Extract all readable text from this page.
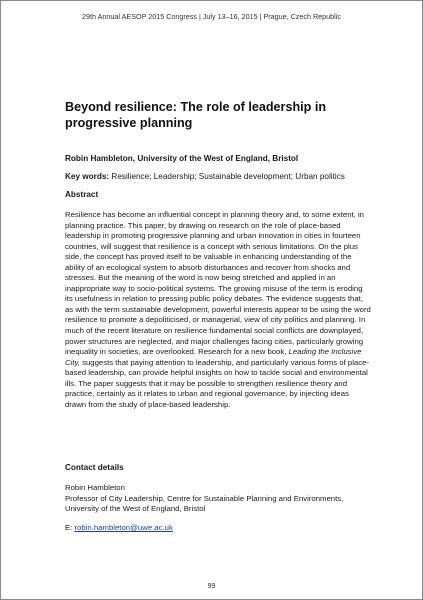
29th Annual AESOP 2015 Congress | July 13–16, 2015 | Prague, Czech Republic
Beyond resilience: The role of leadership in progressive planning
Robin Hambleton, University of the West of England, Bristol
Key words: Resilience; Leadership; Sustainable development; Urban politics
Abstract

Resilience has become an influential concept in planning theory and, to some extent, in planning practice. This paper, by drawing on research on the role of place-based leadership in promoting progressive planning and urban innovation in cities in fourteen countries, will suggest that resilience is a concept with serious limitations. On the plus side, the concept has proved itself to be valuable in enhancing understanding of the ability of an ecological system to absorb disturbances and recover from shocks and stresses. But the meaning of the word is now being stretched and applied in an inappropriate way to socio-political systems. The growing misuse of the term is eroding its usefulness in relation to pressing public policy debates. The evidence suggests that, as with the term sustainable development, powerful interests appear to be using the word resilience to promote a depoliticised, or managerial, view of city politics and planning. In much of the recent literature on resilience fundamental social conflicts are downplayed, power structures are neglected, and major challenges facing cities, particularly growing inequality in societies, are overlooked. Research for a new book, Leading the Inclusive City, suggests that paying attention to leadership, and particularly various forms of place-based leadership, can provide helpful insights on how to tackle social and environmental ills. The paper suggests that it may be possible to strengthen resilience theory and practice, certainly as it relates to urban and regional governance, by injecting ideas drawn from the study of place-based leadership.

Contact details
Robin Hambleton
Professor of City Leadership, Centre for Sustainable Planning and Environments, University of the West of England, Bristol
E: robin.hambleton@uwe.ac.uk
99
